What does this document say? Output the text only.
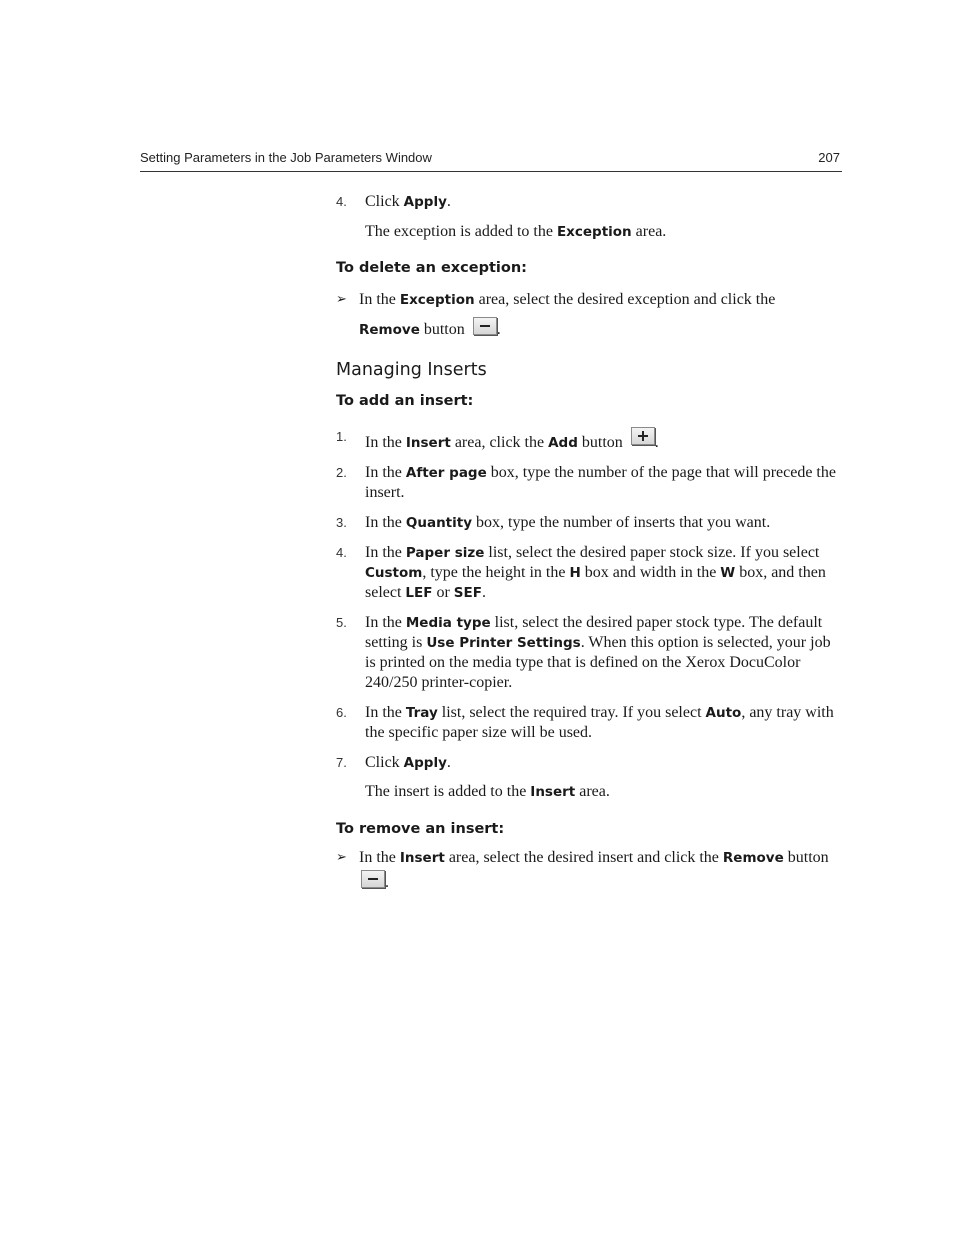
Setting Parameters in the Job Parameters Window	207
4. Click Apply.
The exception is added to the Exception area.
To delete an exception:
➢ In the Exception area, select the desired exception and click the
Remove button .
Managing Inserts
To add an insert:
1. In the Insert area, click the Add button .
2. In the After page box, type the number of the page that will precede the insert.
3. In the Quantity box, type the number of inserts that you want.
4. In the Paper size list, select the desired paper stock size. If you select Custom, type the height in the H box and width in the W box, and then select LEF or SEF.
5. In the Media type list, select the desired paper stock type. The default setting is Use Printer Settings. When this option is selected, your job is printed on the media type that is defined on the Xerox DocuColor 240/250 printer-copier.
6. In the Tray list, select the required tray. If you select Auto, any tray with the specific paper size will be used.
7. Click Apply.
The insert is added to the Insert area.
To remove an insert:
➢ In the Insert area, select the desired insert and click the Remove button
.
